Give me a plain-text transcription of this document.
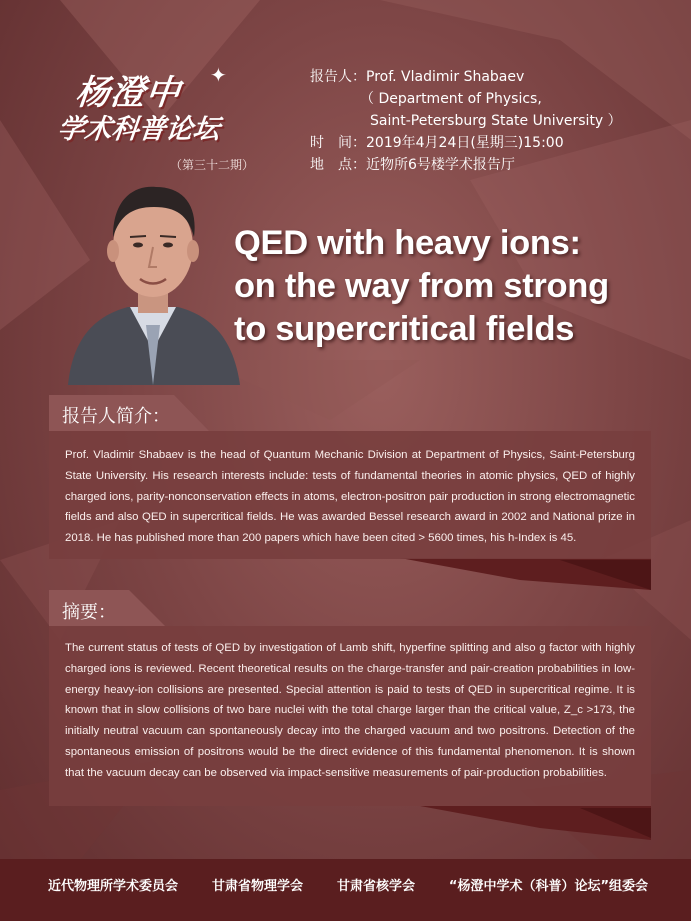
杨澄中 ✦
学术科普论坛
（第三十二期）
报告人：Prof. Vladimir Shabaev
（ Department of Physics,
Saint-Petersburg State University ）
时　间：2019年4月24日(星期三)15:00
地　点：近物所6号楼学术报告厅
QED with heavy ions:
on the way from strong
to supercritical fields
报告人简介：

Prof. Vladimir Shabaev is the head of Quantum Mechanic Division at Department of Physics, Saint-Petersburg State University. His research interests include: tests of fundamental theories in atomic physics, QED of highly charged ions, parity-nonconservation effects in atoms, electron-positron pair production in strong electromagnetic fields and also QED in supercritical fields. He was awarded Bessel research award in 2002 and National prize in 2018. He has published more than 200 papers which have been cited > 5600 times, his h-Index is 45.

摘要：

The current status of tests of QED by investigation of Lamb shift, hyperfine splitting and also g factor with highly charged ions is reviewed. Recent theoretical results on the charge-transfer and pair-creation probabilities in low-energy heavy-ion collisions are presented. Special attention is paid to tests of QED in supercritical regime. It is known that in slow collisions of two bare nuclei with the total charge larger than the critical value, Z_c >173, the initially neutral vacuum can spontaneously decay into the charged vacuum and two positrons. Detection of the spontaneous emission of positrons would be the direct evidence of this fundamental phenomenon. It is shown that the vacuum decay can be observed via impact-sensitive measurements of pair-production probabilities.

近代物理所学术委员会	甘肃省物理学会	甘肃省核学会	“杨澄中学术（科普）论坛”组委会
